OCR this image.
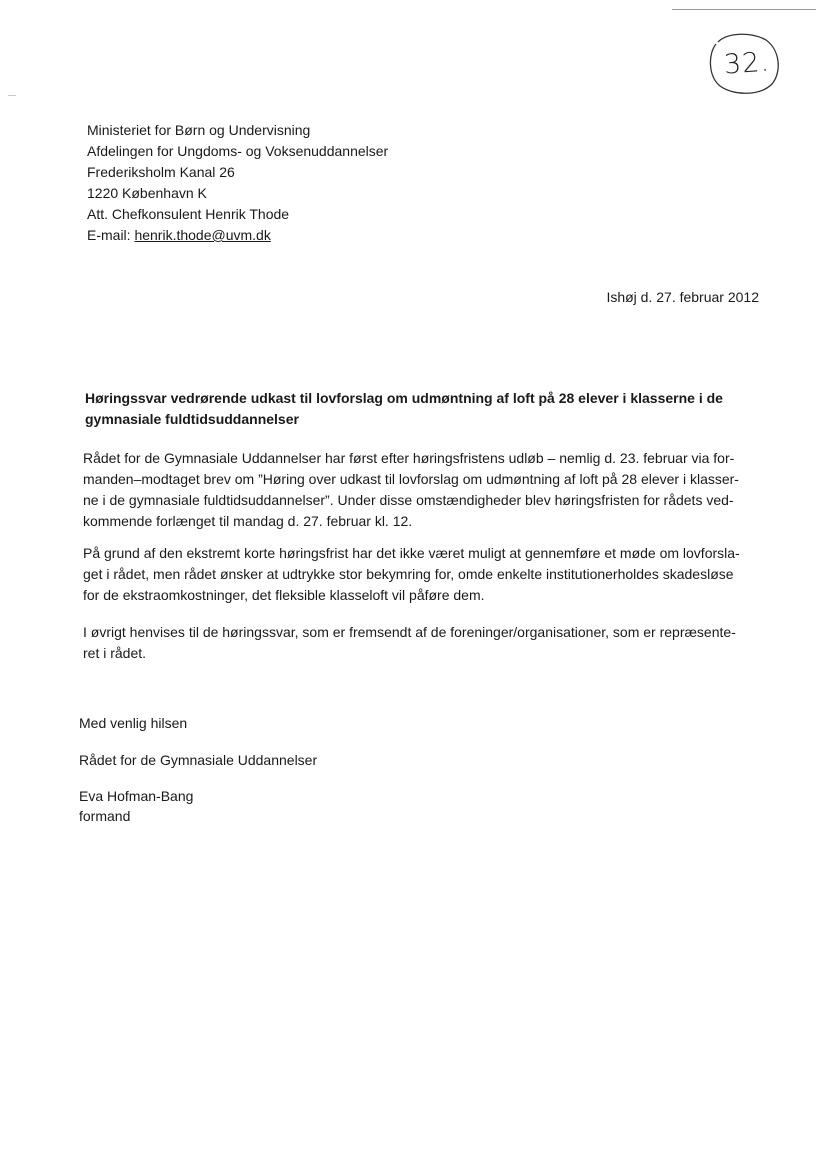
32.
Ministeriet for Børn og Undervisning
Afdelingen for Ungdoms- og Voksenuddannelser
Frederiksholm Kanal 26
1220 København K
Att. Chefkonsulent Henrik Thode
E-mail: henrik.thode@uvm.dk
Ishøj d. 27. februar 2012
Høringssvar vedrørende udkast til lovforslag om udmøntning af loft på 28 elever i klasserne i de gymnasiale fuldtidsuddannelser
Rådet for de Gymnasiale Uddannelser har først efter høringsfristens udløb – nemlig d. 23. februar via for-
manden–modtaget brev om ”Høring over udkast til lovforslag om udmøntning af loft på 28 elever i klasser-
ne i de gymnasiale fuldtidsuddannelser”. Under disse omstændigheder blev høringsfristen for rådets ved-
kommende forlænget til mandag d. 27. februar kl. 12.
På grund af den ekstremt korte høringsfrist har det ikke været muligt at gennemføre et møde om lovforsla-
get i rådet, men rådet ønsker at udtrykke stor bekymring for, omde enkelte institutionerholdes skadesløse
for de ekstraomkostninger, det fleksible klasseloft vil påføre dem.
I øvrigt henvises til de høringssvar, som er fremsendt af de foreninger/organisationer, som er repræsente-
ret i rådet.
Med venlig hilsen
Rådet for de Gymnasiale Uddannelser
Eva Hofman-Bang
formand
